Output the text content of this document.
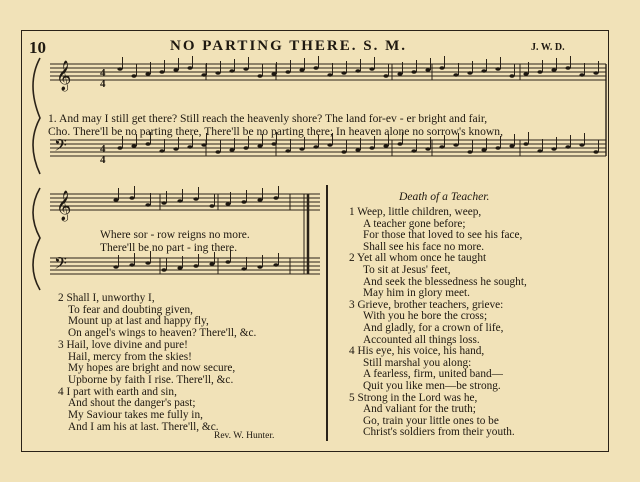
10	NO PARTING THERE. S. M.	J. W. D.
𝄞
𝄢
4
4
4
4
1. And may I still get there? Still reach the heavenly shore? The land for-ev - er bright and fair,
Cho. There'll be no parting there, There'll be no parting there; In heaven alone no sorrow's known,
𝄞
𝄢
Where sor - row reigns no more.
There'll be no part - ing there.
2 Shall I, unworthy I,
To fear and doubting given,
Mount up at last and happy fly,
On angel's wings to heaven? There'll, &c.
3 Hail, love divine and pure!
Hail, mercy from the skies!
My hopes are bright and now secure,
Upborne by faith I rise. There'll, &c.
4 I part with earth and sin,
And shout the danger's past;
My Saviour takes me fully in,
And I am his at last. There'll, &c.
Rev. W. Hunter.
Death of a Teacher.
1 Weep, little children, weep,
A teacher gone before;
For those that loved to see his face,
Shall see his face no more.
2 Yet all whom once he taught
To sit at Jesus' feet,
And seek the blessedness he sought,
May him in glory meet.
3 Grieve, brother teachers, grieve:
With you he bore the cross;
And gladly, for a crown of life,
Accounted all things loss.
4 His eye, his voice, his hand,
Still marshal you along:
A fearless, firm, united band—
Quit you like men—be strong.
5 Strong in the Lord was he,
And valiant for the truth;
Go, train your little ones to be
Christ's soldiers from their youth.
